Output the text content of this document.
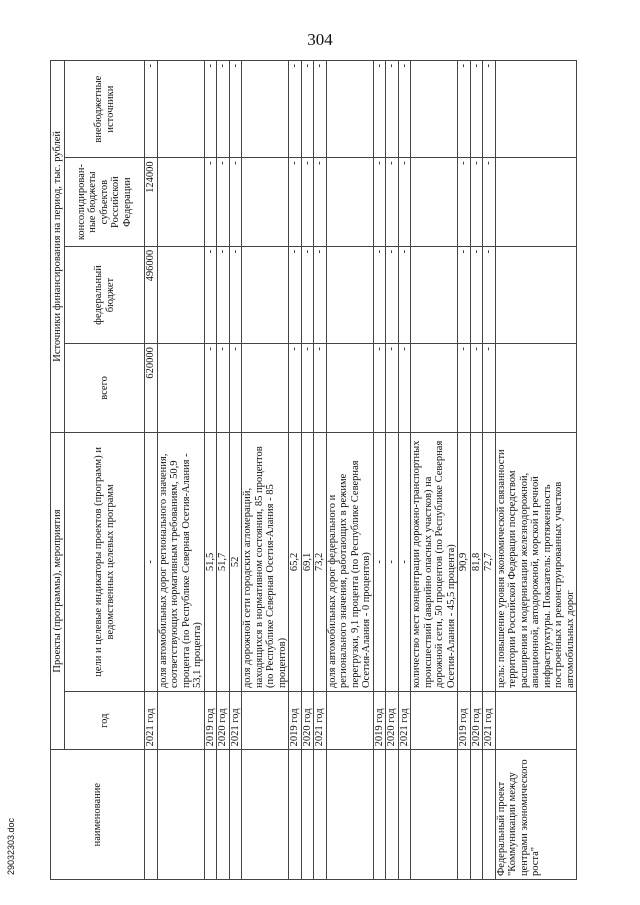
304
наименование	Проекты (программы), мероприятия		Источники финансирования на период, тыс. рублей			
	год	цели и целевые индикаторы проектов (программ) и ведомственных целевых программ	всего	федеральный бюджет	консолидирован-ные бюджеты субъектов Российской Федерации	внебюджетные источники
	2021 год	-	620000	496000	124000	-
		доля автомобильных дорог регионального значения, соответствующих нормативным требованиям, 50,9 процента (по Республике Северная Осетия-Алания - 53,1 процента)				
	2019 год	51,5	-	-	-	-
	2020 год	51,7	-	-	-	-
	2021 год	52	-	-	-	-
		доля дорожной сети городских агломераций, находящихся в нормативном состоянии, 85 процентов (по Республике Северная Осетия-Алания - 85 процентов)				
	2019 год	65,2	-	-	-	-
	2020 год	69,1	-	-	-	-
	2021 год	73,2	-	-	-	-
		доля автомобильных дорог федерального и регионального значения, работающих в режиме перегрузки, 9,1 процента (по Республике Северная Осетия-Алания - 0 процентов)				
	2019 год	-	-	-	-	-
	2020 год	-	-	-	-	-
	2021 год	-	-	-	-	-
		количество мест концентрации дорожно-транспортных происшествий (аварийно опасных участков) на дорожной сети, 50 процентов (по Республике Северная Осетия-Алания - 45,5 процента)				
	2019 год	90,9	-	-	-	-
	2020 год	81,8	-	-	-	-
	2021 год	72,7	-	-	-	-
Федеральный проект "Коммуникации между центрами экономического роста"		цель: повышение уровня экономической связанности территории Российской Федерации посредством расширения и модернизации железнодорожной, авиационной, автодорожной, морской и речной инфраструктуры. Показатель: протяженность построенных и реконструированных участков автомобильных дорог				
29032303.doc
